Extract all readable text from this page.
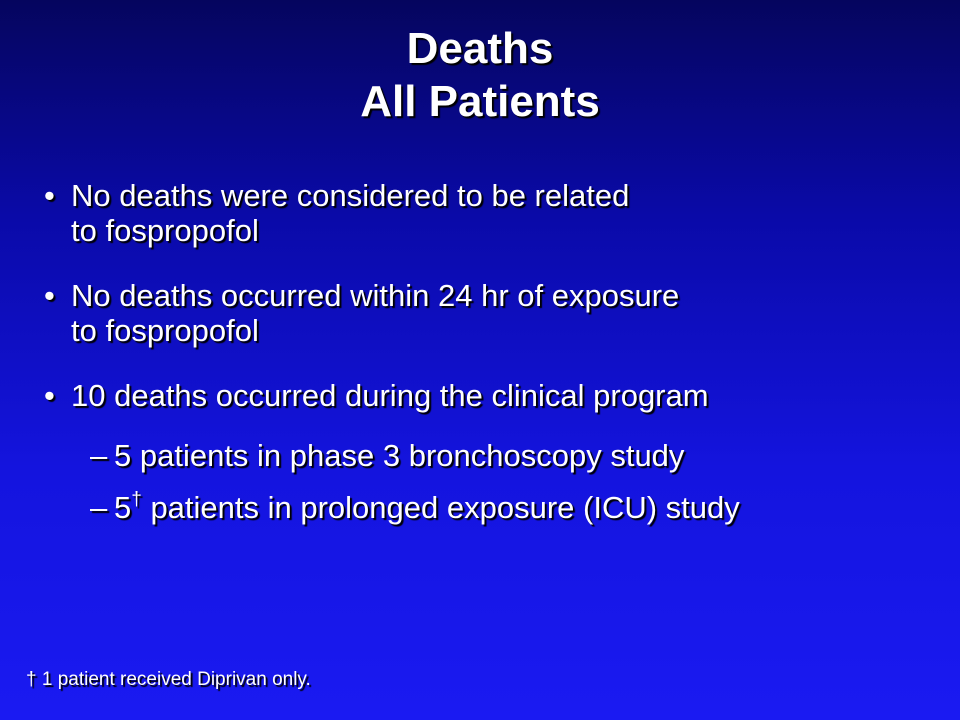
Deaths
All Patients
• No deaths were considered to be related
to fospropofol
• No deaths occurred within 24 hr of exposure
to fospropofol
• 10 deaths occurred during the clinical program
– 5 patients in phase 3 bronchoscopy study
– 5† patients in prolonged exposure (ICU) study
† 1 patient received Diprivan only.
